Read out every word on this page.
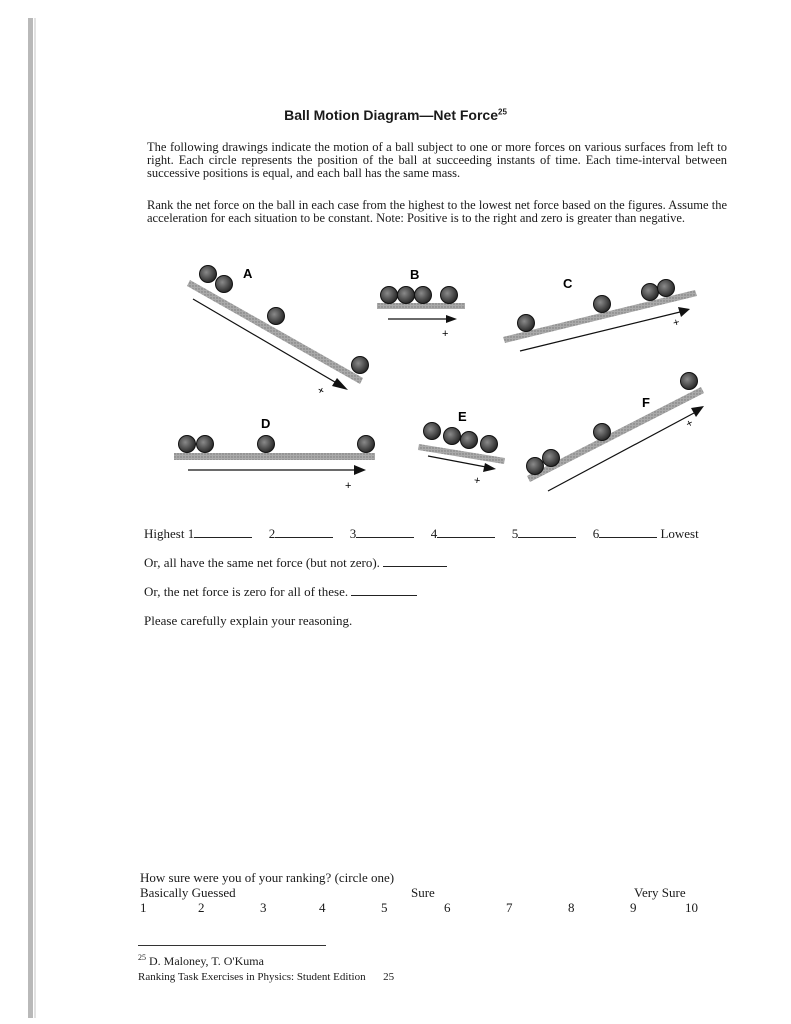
Ball Motion Diagram—Net Force$^{25}$
The following drawings indicate the motion of a ball subject to one or more forces on various surfaces from left to right. Each circle represents the position of the ball at succeeding instants of time. Each time-interval between successive positions is equal, and each ball has the same mass.
Rank the net force on the ball in each case from the highest to the lowest net force based on the figures. Assume the acceleration for each situation to be constant. Note: Positive is to the right and zero is greater than negative.
A
+
B
+
C
+
D
+
E
+
F
+
Highest 1	2	3	4	5	6	Lowest
Or, all have the same net force (but not zero).
Or, the net force is zero for all of these.
Please carefully explain your reasoning.
How sure were you of your ranking? (circle one)
Basically Guessed	Sure	Very Sure
1	2	3	4	5	6	7	8	9	10
$^{25}$ D. Maloney, T. O'Kuma
Ranking Task Exercises in Physics: Student Edition 25
